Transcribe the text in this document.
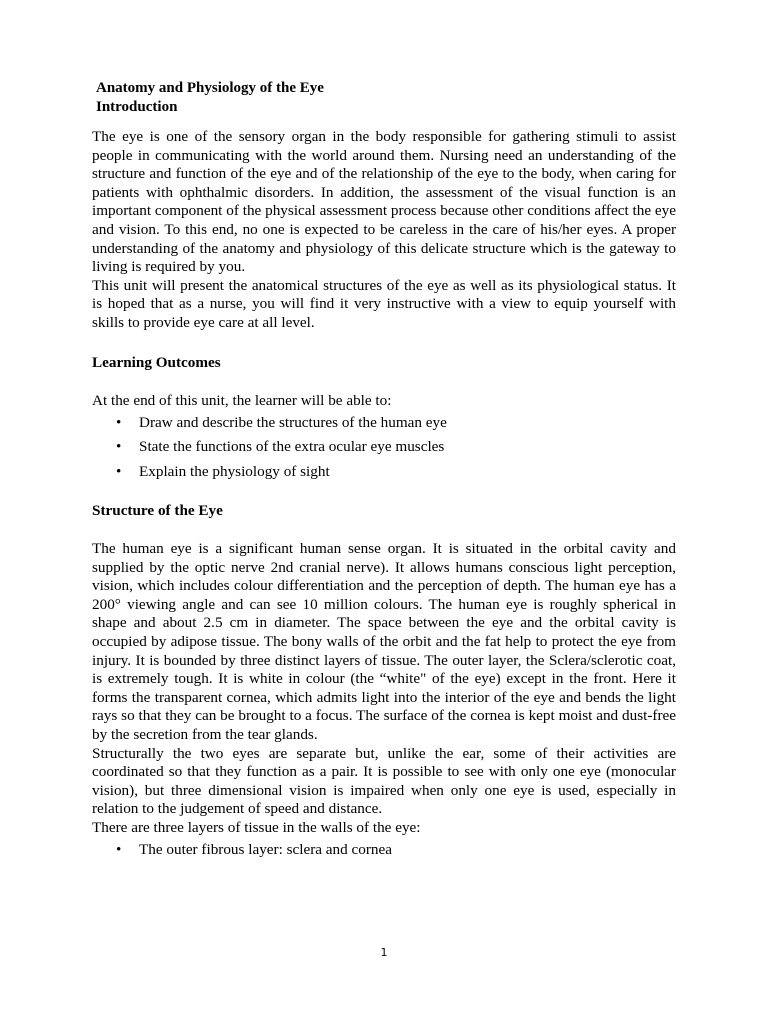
Anatomy and Physiology of the Eye
Introduction

The eye is one of the sensory organ in the body responsible for gathering stimuli to assist people in communicating with the world around them. Nursing need an understanding of the structure and function of the eye and of the relationship of the eye to the body, when caring for patients with ophthalmic disorders. In addition, the assessment of the visual function is an important component of the physical assessment process because other conditions affect the eye and vision. To this end, no one is expected to be careless in the care of his/her eyes. A proper understanding of the anatomy and physiology of this delicate structure which is the gateway to living is required by you.

This unit will present the anatomical structures of the eye as well as its physiological status. It is hoped that as a nurse, you will find it very instructive with a view to equip yourself with skills to provide eye care at all level.

Learning Outcomes

At the end of this unit, the learner will be able to:

• Draw and describe the structures of the human eye
• State the functions of the extra ocular eye muscles
• Explain the physiology of sight
Structure of the Eye

The human eye is a significant human sense organ. It is situated in the orbital cavity and supplied by the optic nerve 2nd cranial nerve). It allows humans conscious light perception, vision, which includes colour differentiation and the perception of depth. The human eye has a 200° viewing angle and can see 10 million colours. The human eye is roughly spherical in shape and about 2.5 cm in diameter. The space between the eye and the orbital cavity is occupied by adipose tissue. The bony walls of the orbit and the fat help to protect the eye from injury. It is bounded by three distinct layers of tissue. The outer layer, the Sclera/sclerotic coat, is extremely tough. It is white in colour (the “white" of the eye) except in the front. Here it forms the transparent cornea, which admits light into the interior of the eye and bends the light rays so that they can be brought to a focus. The surface of the cornea is kept moist and dust-free by the secretion from the tear glands.

Structurally the two eyes are separate but, unlike the ear, some of their activities are coordinated so that they function as a pair. It is possible to see with only one eye (monocular vision), but three dimensional vision is impaired when only one eye is used, especially in relation to the judgement of speed and distance.

There are three layers of tissue in the walls of the eye:

• The outer fibrous layer: sclera and cornea
1
